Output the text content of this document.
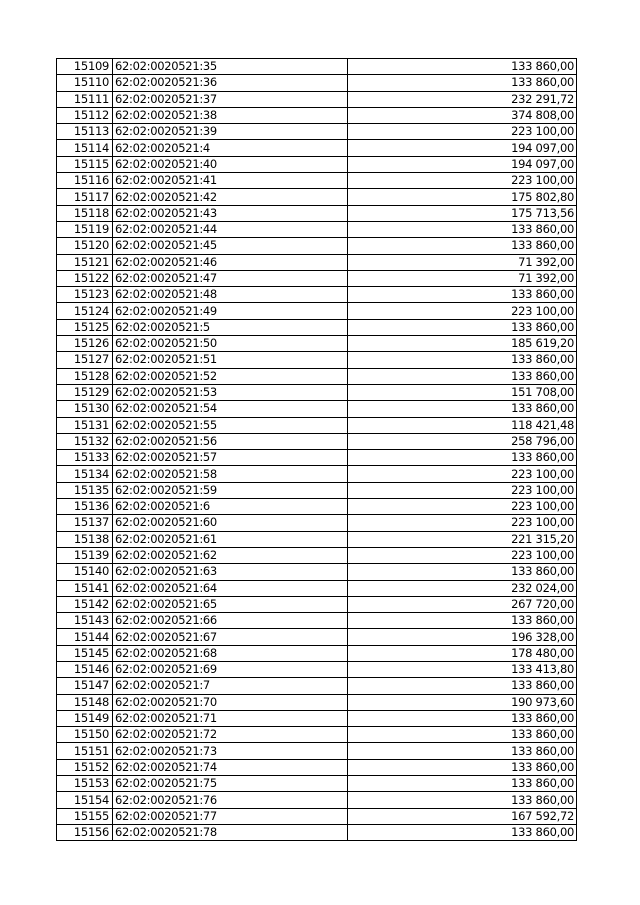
15109	62:02:0020521:35	133 860,00
15110	62:02:0020521:36	133 860,00
15111	62:02:0020521:37	232 291,72
15112	62:02:0020521:38	374 808,00
15113	62:02:0020521:39	223 100,00
15114	62:02:0020521:4	194 097,00
15115	62:02:0020521:40	194 097,00
15116	62:02:0020521:41	223 100,00
15117	62:02:0020521:42	175 802,80
15118	62:02:0020521:43	175 713,56
15119	62:02:0020521:44	133 860,00
15120	62:02:0020521:45	133 860,00
15121	62:02:0020521:46	71 392,00
15122	62:02:0020521:47	71 392,00
15123	62:02:0020521:48	133 860,00
15124	62:02:0020521:49	223 100,00
15125	62:02:0020521:5	133 860,00
15126	62:02:0020521:50	185 619,20
15127	62:02:0020521:51	133 860,00
15128	62:02:0020521:52	133 860,00
15129	62:02:0020521:53	151 708,00
15130	62:02:0020521:54	133 860,00
15131	62:02:0020521:55	118 421,48
15132	62:02:0020521:56	258 796,00
15133	62:02:0020521:57	133 860,00
15134	62:02:0020521:58	223 100,00
15135	62:02:0020521:59	223 100,00
15136	62:02:0020521:6	223 100,00
15137	62:02:0020521:60	223 100,00
15138	62:02:0020521:61	221 315,20
15139	62:02:0020521:62	223 100,00
15140	62:02:0020521:63	133 860,00
15141	62:02:0020521:64	232 024,00
15142	62:02:0020521:65	267 720,00
15143	62:02:0020521:66	133 860,00
15144	62:02:0020521:67	196 328,00
15145	62:02:0020521:68	178 480,00
15146	62:02:0020521:69	133 413,80
15147	62:02:0020521:7	133 860,00
15148	62:02:0020521:70	190 973,60
15149	62:02:0020521:71	133 860,00
15150	62:02:0020521:72	133 860,00
15151	62:02:0020521:73	133 860,00
15152	62:02:0020521:74	133 860,00
15153	62:02:0020521:75	133 860,00
15154	62:02:0020521:76	133 860,00
15155	62:02:0020521:77	167 592,72
15156	62:02:0020521:78	133 860,00
